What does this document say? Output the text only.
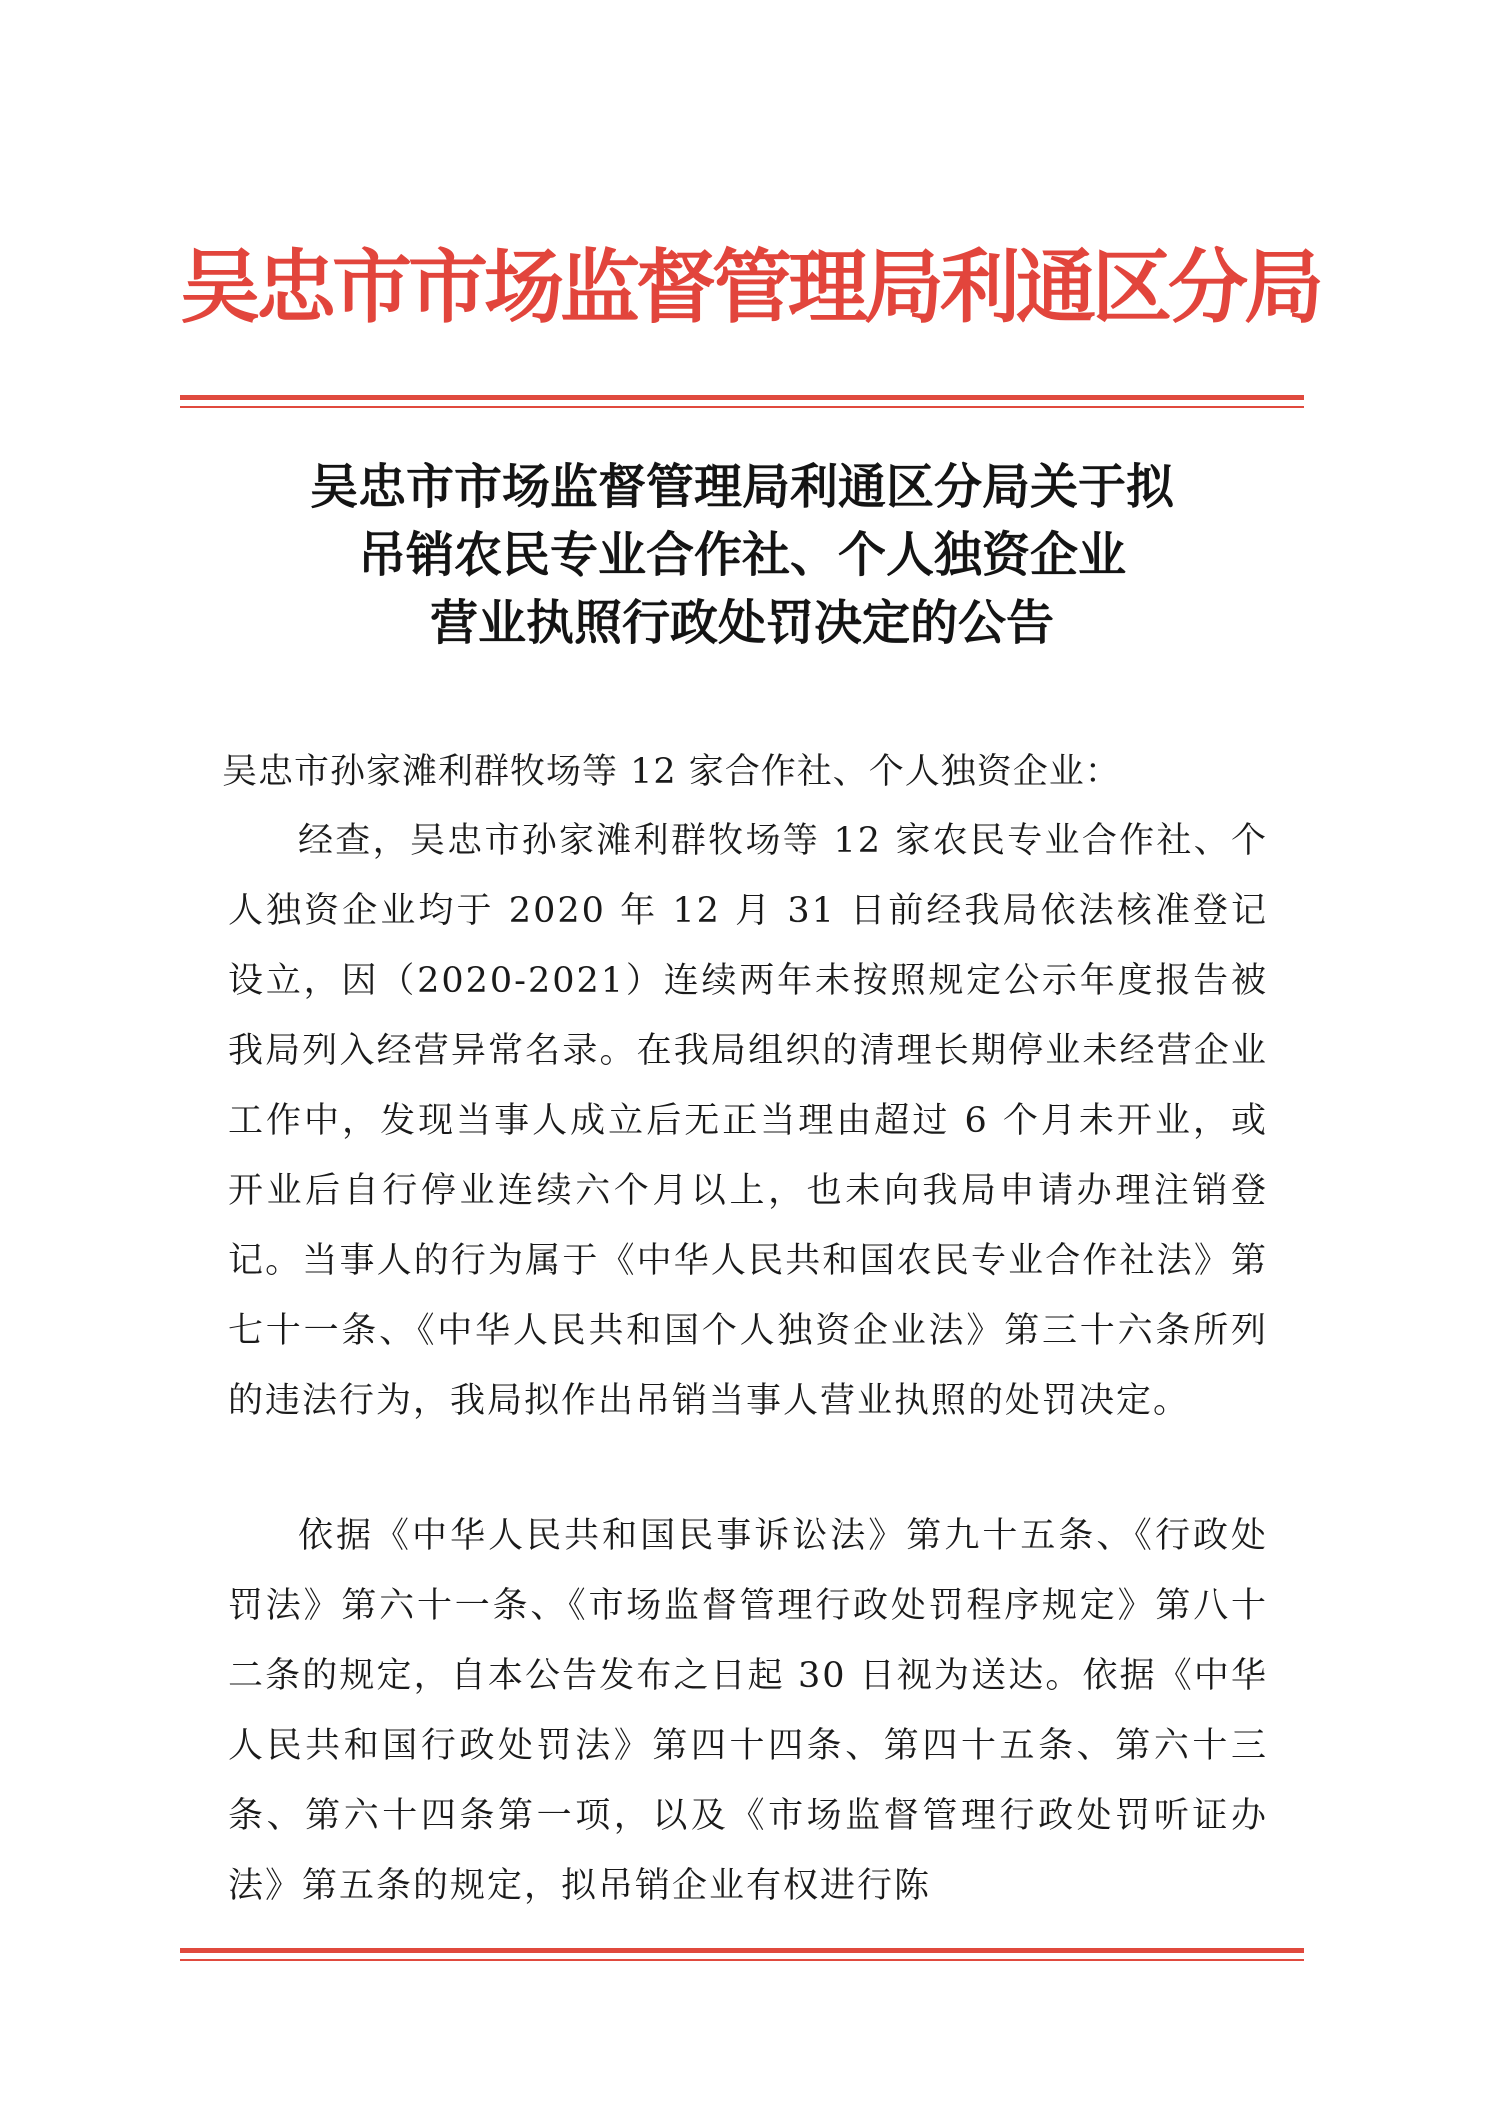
吴忠市市场监督管理局利通区分局
吴忠市市场监督管理局利通区分局关于拟
吊销农民专业合作社、个人独资企业
营业执照行政处罚决定的公告
吴忠市孙家滩利群牧场等 12 家合作社、个人独资企业：
经查，吴忠市孙家滩利群牧场等 12 家农民专业合作社、个人独资企业均于 2020 年 12 月 31 日前经我局依法核准登记设立，因（2020-2021）连续两年未按照规定公示年度报告被我局列入经营异常名录。在我局组织的清理长期停业未经营企业工作中，发现当事人成立后无正当理由超过 6 个月未开业，或开业后自行停业连续六个月以上，也未向我局申请办理注销登记。当事人的行为属于《中华人民共和国农民专业合作社法》第七十一条、《中华人民共和国个人独资企业法》第三十六条所列的违法行为，我局拟作出吊销当事人营业执照的处罚决定。
依据《中华人民共和国民事诉讼法》第九十五条、《行政处罚法》第六十一条、《市场监督管理行政处罚程序规定》第八十二条的规定，自本公告发布之日起 30 日视为送达。依据《中华人民共和国行政处罚法》第四十四条、第四十五条、第六十三条、第六十四条第一项，以及《市场监督管理行政处罚听证办法》第五条的规定，拟吊销企业有权进行陈
